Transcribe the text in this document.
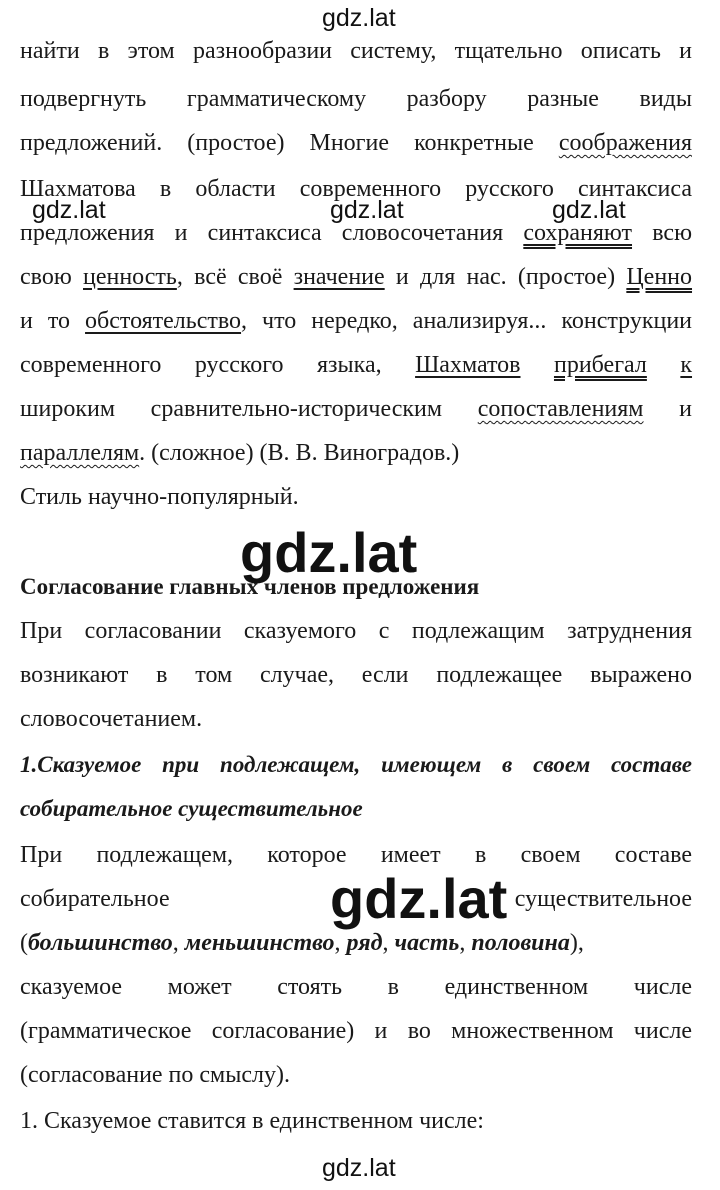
найти в этом разнообразии систему, тщательно описать и
подвергнуть грамматическому разбору разные виды
предложений. (простое) Многие конкретные соображения
Шахматова в области современного русского синтаксиса
предложения и синтаксиса словосочетания сохраняют всю
свою ценность, всё своё значение и для нас. (простое) Ценно
и то обстоятельство, что нередко, анализируя... конструкции
современного русского языка, Шахматов прибегал к
широким сравнительно-историческим сопоставлениям и
параллелям. (сложное) (В. В. Виноградов.)
Стиль научно-популярный.
Согласование главных членов предложения
При согласовании сказуемого с подлежащим затруднения
возникают в том случае, если подлежащее выражено
словосочетанием.
1.Сказуемое при подлежащем, имеющем в своем составе
собирательное существительное
При подлежащем, которое имеет в своем составе
собирательное	существительное
(большинство, меньшинство, ряд, часть, половина),
сказуемое может стоять в единственном числе
(грамматическое согласование) и во множественном числе
(согласование по смыслу).
1. Сказуемое ставится в единственном числе:
gdz.lat
gdz.lat	gdz.lat	gdz.lat
gdz.lat
gdz.lat
gdz.lat
